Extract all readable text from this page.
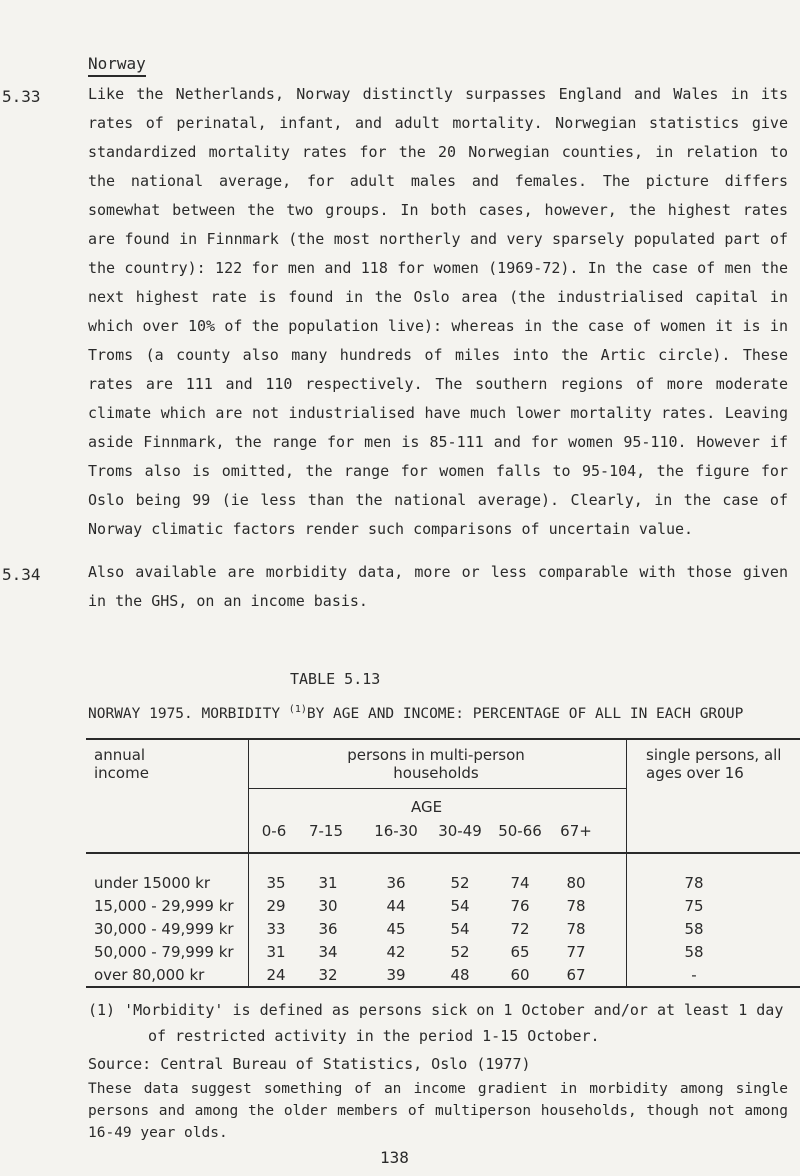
Norway
5.33	Like the Netherlands, Norway distinctly surpasses England and Wales in its rates of perinatal, infant, and adult mortality. Norwegian statistics give standardized mortality rates for the 20 Norwegian counties, in relation to the national average, for adult males and females. The picture differs somewhat between the two groups. In both cases, however, the highest rates are found in Finnmark (the most northerly and very sparsely populated part of the country): 122 for men and 118 for women (1969-72). In the case of men the next highest rate is found in the Oslo area (the industrialised capital in which over 10% of the population live): whereas in the case of women it is in Troms (a county also many hundreds of miles into the Artic circle). These rates are 111 and 110 respectively. The southern regions of more moderate climate which are not industrialised have much lower mortality rates. Leaving aside Finnmark, the range for men is 85-111 and for women 95-110. However if Troms also is omitted, the range for women falls to 95-104, the figure for Oslo being 99 (ie less than the national average). Clearly, in the case of Norway climatic factors render such comparisons of uncertain value.
5.34	Also available are morbidity data, more or less comparable with those given in the GHS, on an income basis.
TABLE 5.13
NORWAY 1975. MORBIDITY $^{(1)}$BY AGE AND INCOME: PERCENTAGE OF ALL IN EACH GROUP
annual
income
persons in multi-person
households
single persons, all
ages over 16
AGE
0-6	7-15 16-30 30-49 50-66 67+
under 15000 kr	35	31	36	52	74	80	78
15,000 - 29,999 kr	29	30	44	54	76	78	75
30,000 - 49,999 kr	33	36	45	54	72	78	58
50,000 - 79,999 kr	31	34	42	52	65	77	58
over 80,000 kr	24	32	39	48	60	67	-
(1) 'Morbidity' is defined as persons sick on 1 October and/or at least 1 day
of restricted activity in the period 1-15 October.
Source: Central Bureau of Statistics, Oslo (1977)
These data suggest something of an income gradient in morbidity among single persons and among the older members of multiperson households, though not among 16-49 year olds.
138
